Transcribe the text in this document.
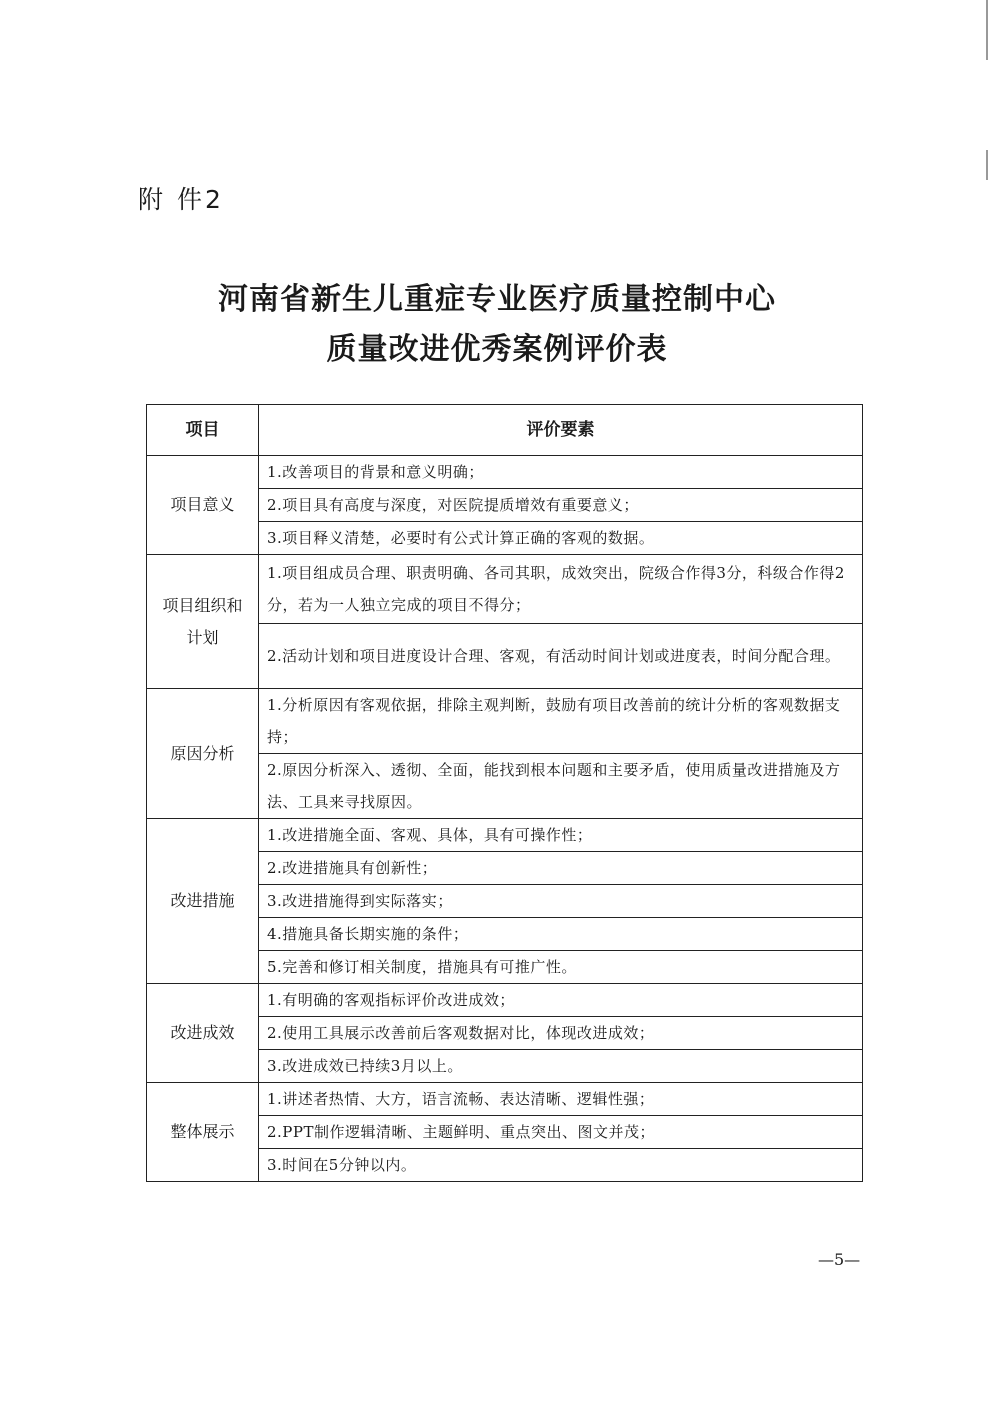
附 件2
河南省新生儿重症专业医疗质量控制中心
质量改进优秀案例评价表
项目	评价要素
项目意义	1.改善项目的背景和意义明确；
	2.项目具有高度与深度，对医院提质增效有重要意义；
	3.项目释义清楚，必要时有公式计算正确的客观的数据。
项目组织和计划	1.项目组成员合理、职责明确、各司其职，成效突出，院级合作得3分，科级合作得2分，若为一人独立完成的项目不得分；
	2.活动计划和项目进度设计合理、客观，有活动时间计划或进度表，时间分配合理。
原因分析	1.分析原因有客观依据，排除主观判断，鼓励有项目改善前的统计分析的客观数据支持；
	2.原因分析深入、透彻、全面，能找到根本问题和主要矛盾，使用质量改进措施及方法、工具来寻找原因。
改进措施	1.改进措施全面、客观、具体，具有可操作性；
	2.改进措施具有创新性；
	3.改进措施得到实际落实；
	4.措施具备长期实施的条件；
	5.完善和修订相关制度，措施具有可推广性。
改进成效	1.有明确的客观指标评价改进成效；
	2.使用工具展示改善前后客观数据对比，体现改进成效；
	3.改进成效已持续3月以上。
整体展示	1.讲述者热情、大方，语言流畅、表达清晰、逻辑性强；
	2.PPT制作逻辑清晰、主题鲜明、重点突出、图文并茂；
	3.时间在5分钟以内。
—5—
